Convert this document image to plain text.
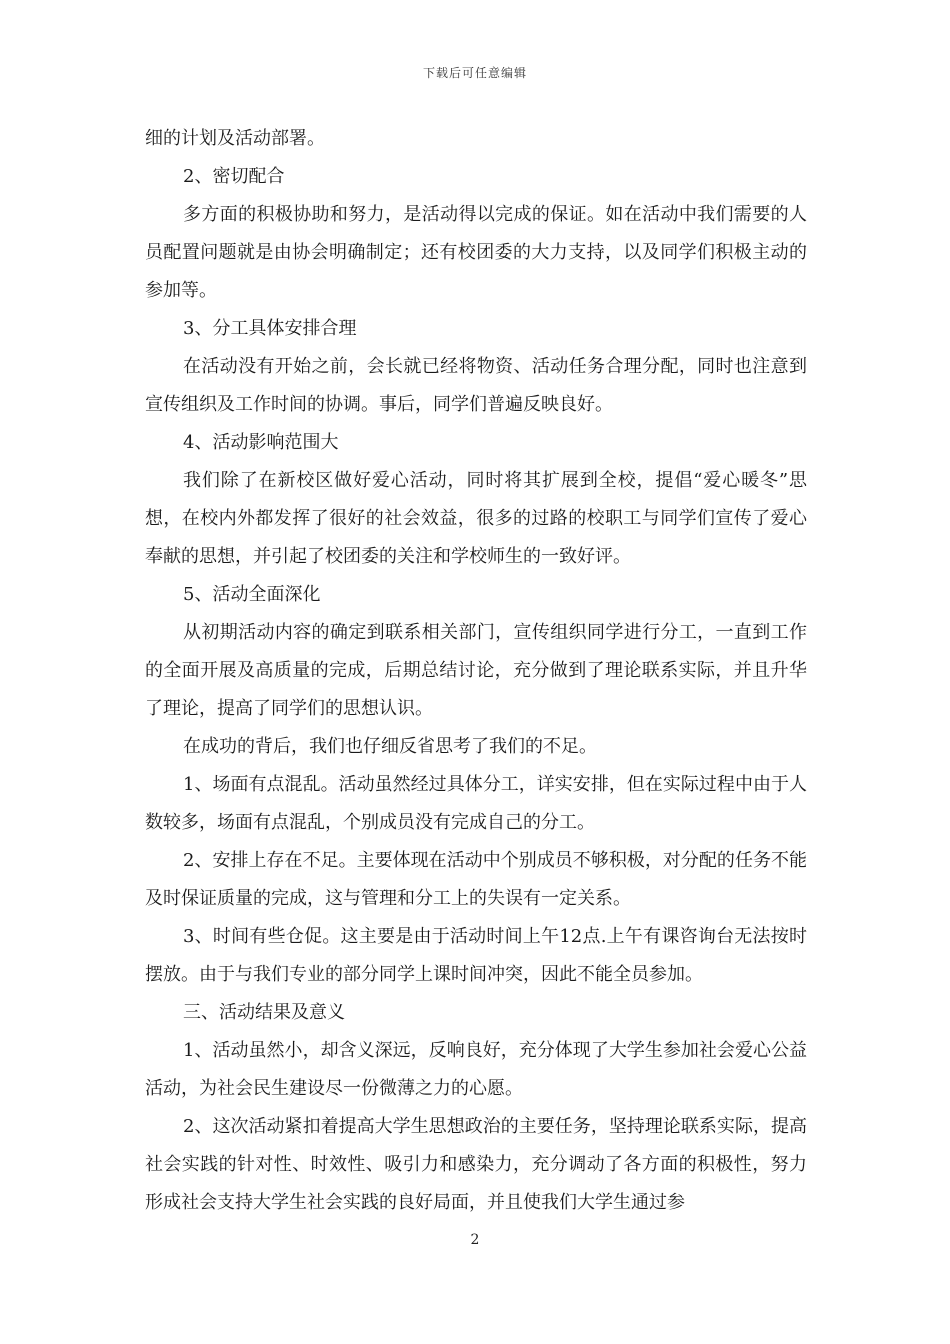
下载后可任意编辑

细的计划及活动部署。

2、密切配合

多方面的积极协助和努力，是活动得以完成的保证。如在活动中我们需要的人员配置问题就是由协会明确制定；还有校团委的大力支持，以及同学们积极主动的参加等。

3、分工具体安排合理

在活动没有开始之前，会长就已经将物资、活动任务合理分配，同时也注意到宣传组织及工作时间的协调。事后，同学们普遍反映良好。

4、活动影响范围大

我们除了在新校区做好爱心活动，同时将其扩展到全校，提倡“爱心暖冬”思想，在校内外都发挥了很好的社会效益，很多的过路的校职工与同学们宣传了爱心奉献的思想，并引起了校团委的关注和学校师生的一致好评。

5、活动全面深化

从初期活动内容的确定到联系相关部门，宣传组织同学进行分工，一直到工作的全面开展及高质量的完成，后期总结讨论，充分做到了理论联系实际，并且升华了理论，提高了同学们的思想认识。

在成功的背后，我们也仔细反省思考了我们的不足。

1、场面有点混乱。活动虽然经过具体分工，详实安排，但在实际过程中由于人数较多，场面有点混乱，个别成员没有完成自己的分工。

2、安排上存在不足。主要体现在活动中个别成员不够积极，对分配的任务不能及时保证质量的完成，这与管理和分工上的失误有一定关系。

3、时间有些仓促。这主要是由于活动时间上午12点.上午有课咨询台无法按时摆放。由于与我们专业的部分同学上课时间冲突，因此不能全员参加。

三、活动结果及意义

1、活动虽然小，却含义深远，反响良好，充分体现了大学生参加社会爱心公益活动，为社会民生建设尽一份微薄之力的心愿。

2、这次活动紧扣着提高大学生思想政治的主要任务，坚持理论联系实际，提高社会实践的针对性、时效性、吸引力和感染力，充分调动了各方面的积极性，努力形成社会支持大学生社会实践的良好局面，并且使我们大学生通过参

2
